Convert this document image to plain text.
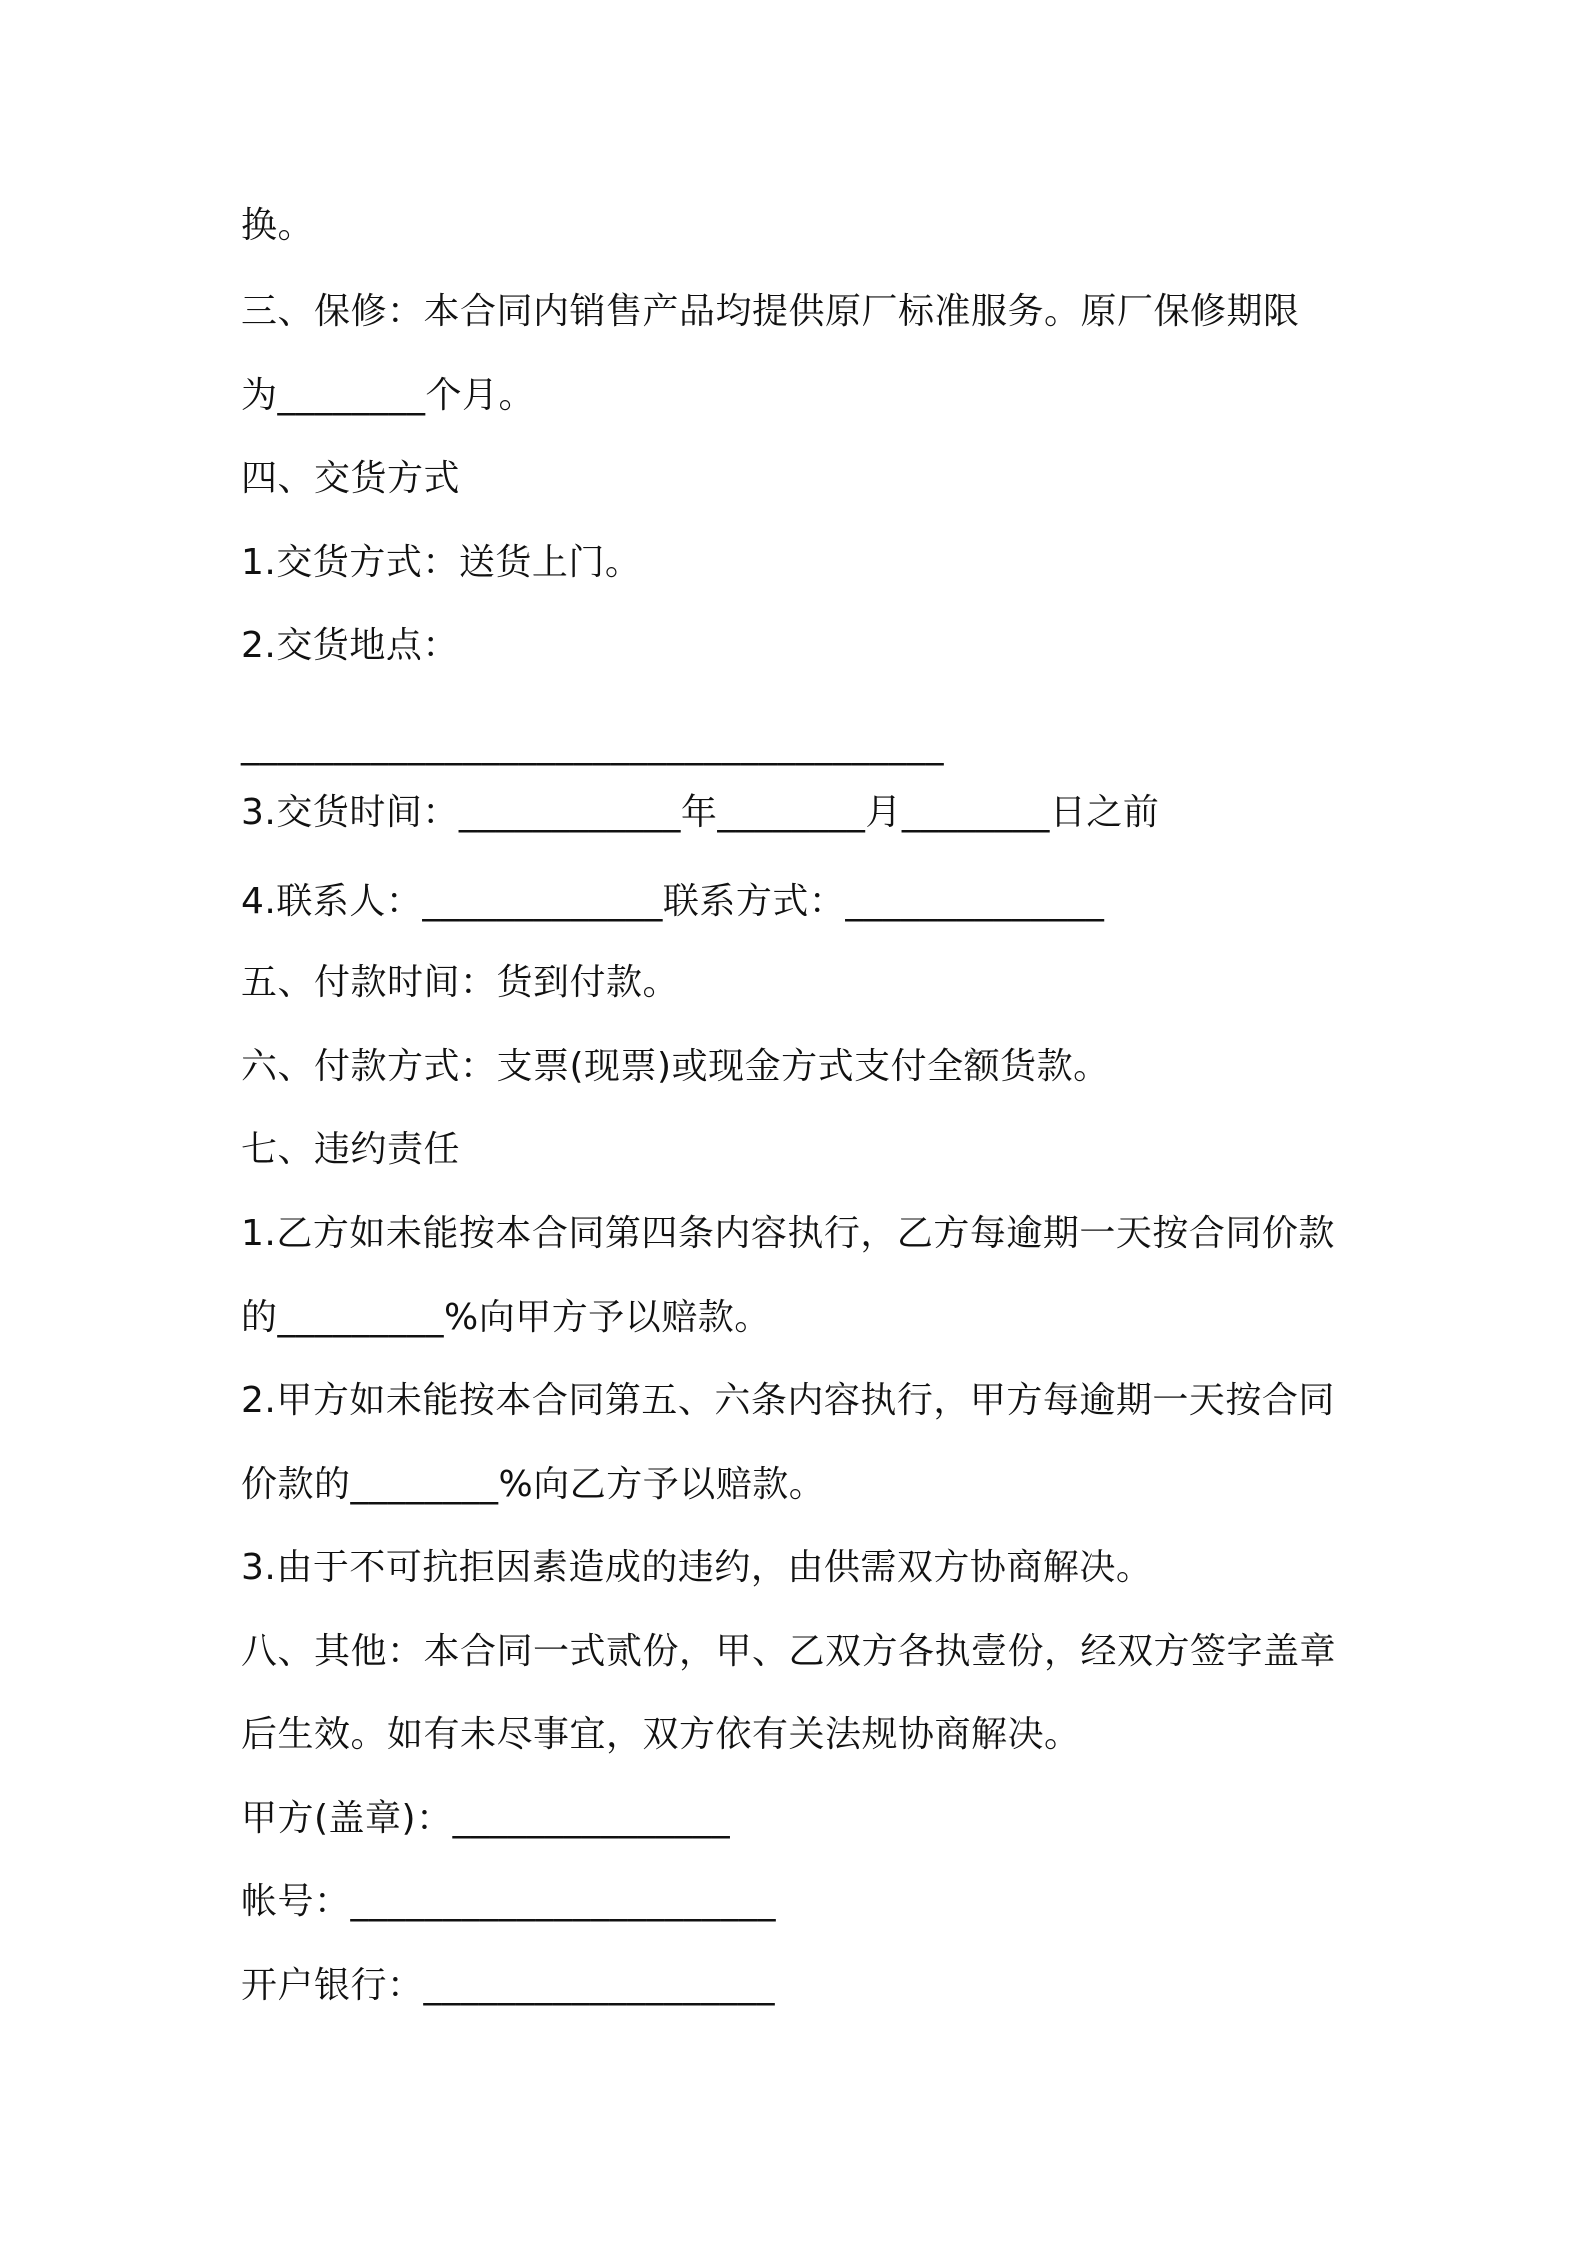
换。
三、保修：本合同内销售产品均提供原厂标准服务。原厂保修期限
为________个月。
四、交货方式
1.交货方式：送货上门。
2.交货地点：
______________________________________
3.交货时间：____________年________月________日之前
4.联系人：_____________联系方式：______________
五、付款时间：货到付款。
六、付款方式：支票(现票)或现金方式支付全额货款。
七、违约责任
1.乙方如未能按本合同第四条内容执行，乙方每逾期一天按合同价款
的_________%向甲方予以赔款。
2.甲方如未能按本合同第五、六条内容执行，甲方每逾期一天按合同
价款的________%向乙方予以赔款。
3.由于不可抗拒因素造成的违约，由供需双方协商解决。
八、其他：本合同一式贰份，甲、乙双方各执壹份，经双方签字盖章
后生效。如有未尽事宜，双方依有关法规协商解决。
甲方(盖章)：_______________
帐号：_______________________
开户银行：___________________
